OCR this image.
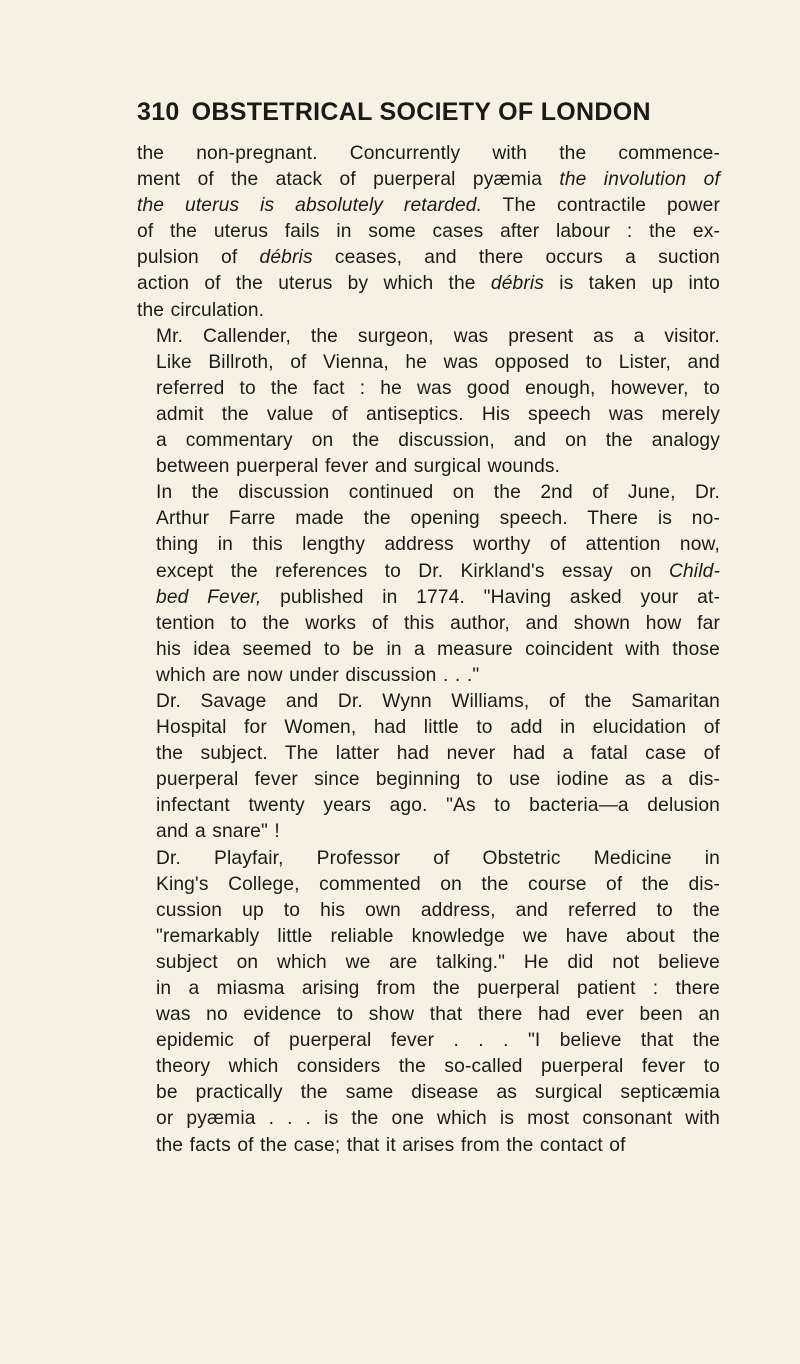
310 OBSTETRICAL SOCIETY OF LONDON

the non-pregnant. Concurrently with the commence-
ment of the atack of puerperal pyæmia the involution of
the uterus is absolutely retarded. The contractile power
of the uterus fails in some cases after labour : the ex-
pulsion of débris ceases, and there occurs a suction
action of the uterus by which the débris is taken up into
the circulation.

Mr. Callender, the surgeon, was present as a visitor.
Like Billroth, of Vienna, he was opposed to Lister, and
referred to the fact : he was good enough, however, to
admit the value of antiseptics. His speech was merely
a commentary on the discussion, and on the analogy
between puerperal fever and surgical wounds.

In the discussion continued on the 2nd of June, Dr.
Arthur Farre made the opening speech. There is no-
thing in this lengthy address worthy of attention now,
except the references to Dr. Kirkland's essay on Child-
bed Fever, published in 1774. "Having asked your at-
tention to the works of this author, and shown how far
his idea seemed to be in a measure coincident with those
which are now under discussion . . ."

Dr. Savage and Dr. Wynn Williams, of the Samaritan
Hospital for Women, had little to add in elucidation of
the subject. The latter had never had a fatal case of
puerperal fever since beginning to use iodine as a dis-
infectant twenty years ago. "As to bacteria—a delusion
and a snare" !

Dr. Playfair, Professor of Obstetric Medicine in
King's College, commented on the course of the dis-
cussion up to his own address, and referred to the
"remarkably little reliable knowledge we have about the
subject on which we are talking." He did not believe
in a miasma arising from the puerperal patient : there
was no evidence to show that there had ever been an
epidemic of puerperal fever . . . "I believe that the
theory which considers the so-called puerperal fever to
be practically the same disease as surgical septicæmia
or pyæmia . . . is the one which is most consonant with
the facts of the case; that it arises from the contact of
